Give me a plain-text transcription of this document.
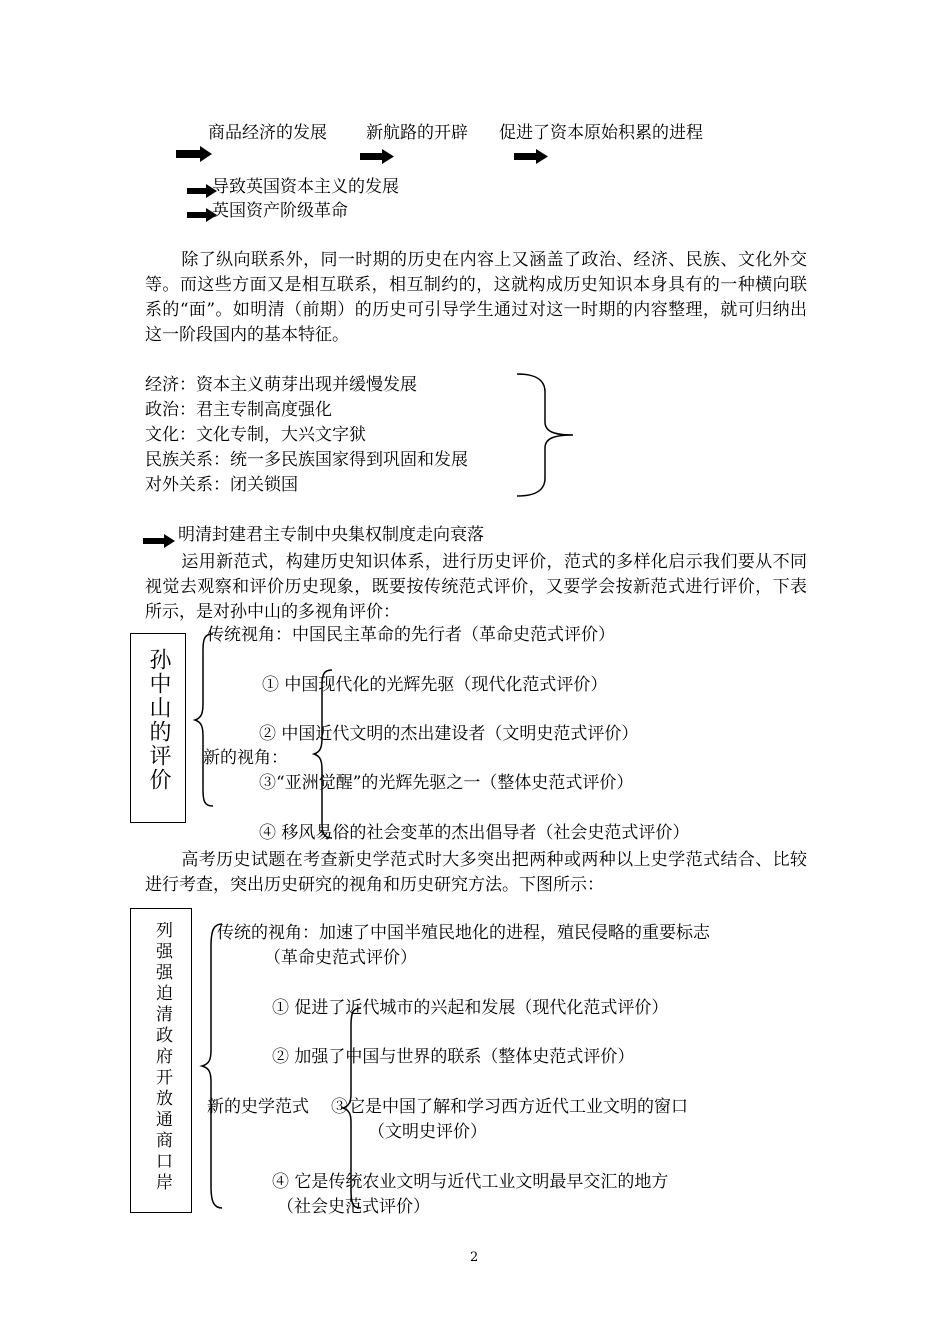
商品经济的发展 新航路的开辟 促进了资本原始积累的进程
导致英国资本主义的发展
英国资产阶级革命
除了纵向联系外，同一时期的历史在内容上又涵盖了政治、经济、民族、文化外交等。而这些方面又是相互联系，相互制约的，这就构成历史知识本身具有的一种横向联系的“面”。如明清（前期）的历史可引导学生通过对这一时期的内容整理，就可归纳出这一阶段国内的基本特征。
经济：资本主义萌芽出现并缓慢发展
政治：君主专制高度强化
文化：文化专制，大兴文字狱
民族关系：统一多民族国家得到巩固和发展
对外关系：闭关锁国
明清封建君主专制中央集权制度走向衰落
运用新范式，构建历史知识体系，进行历史评价，范式的多样化启示我们要从不同视觉去观察和评价历史现象，既要按传统范式评价，又要学会按新范式进行评价，下表所示，是对孙中山的多视角评价：
孙中山的评价
传统视角：中国民主革命的先行者（革命史范式评价）
① 中国现代化的光辉先驱（现代化范式评价）
② 中国近代文明的杰出建设者（文明史范式评价）
新的视角：
③“亚洲觉醒”的光辉先驱之一（整体史范式评价）
④ 移风易俗的社会变革的杰出倡导者（社会史范式评价）
高考历史试题在考查新史学范式时大多突出把两种或两种以上史学范式结合、比较进行考查，突出历史研究的视角和历史研究方法。下图所示：
列强强迫清政府开放通商口岸	传统的视角：加速了中国半殖民地化的进程，殖民侵略的重要标志
（革命史范式评价）
① 促进了近代城市的兴起和发展（现代化范式评价）
② 加强了中国与世界的联系（整体史范式评价）
新的史学范式 ③它是中国了解和学习西方近代工业文明的窗口
（文明史评价）
④ 它是传统农业文明与近代工业文明最早交汇的地方
（社会史范式评价）
2
